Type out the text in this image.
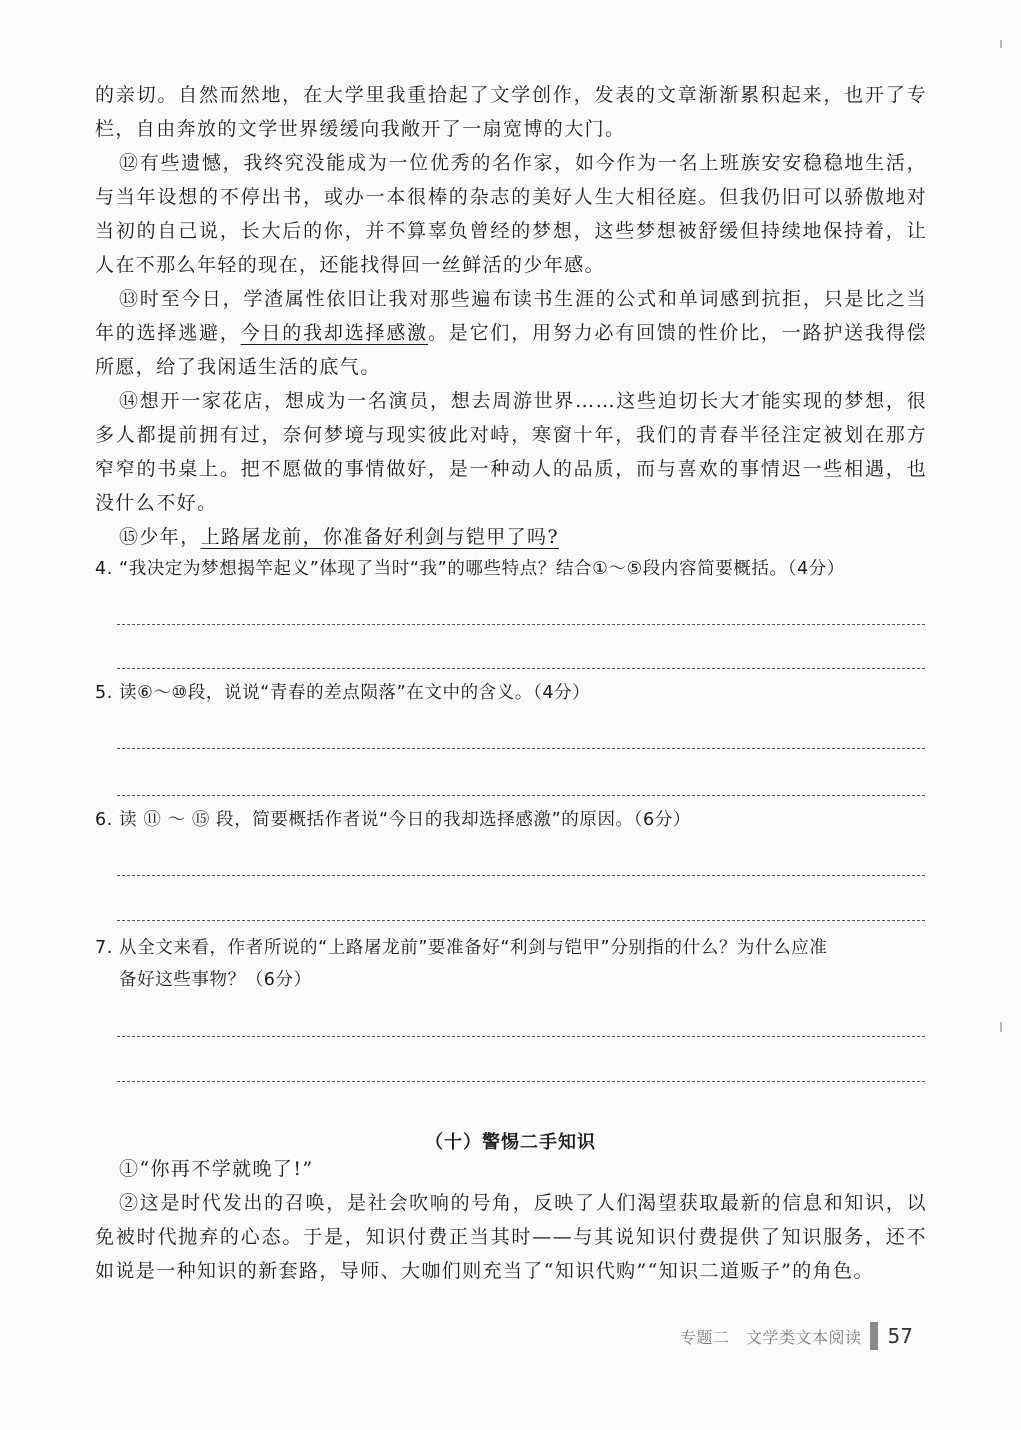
的亲切。自然而然地，在大学里我重拾起了文学创作，发表的文章渐渐累积起来，也开了专栏，自由奔放的文学世界缓缓向我敞开了一扇宽博的大门。

⑫有些遗憾，我终究没能成为一位优秀的名作家，如今作为一名上班族安安稳稳地生活，与当年设想的不停出书，或办一本很棒的杂志的美好人生大相径庭。但我仍旧可以骄傲地对当初的自己说，长大后的你，并不算辜负曾经的梦想，这些梦想被舒缓但持续地保持着，让人在不那么年轻的现在，还能找得回一丝鲜活的少年感。

⑬时至今日，学渣属性依旧让我对那些遍布读书生涯的公式和单词感到抗拒，只是比之当年的选择逃避，今日的我却选择感激。是它们，用努力必有回馈的性价比，一路护送我得偿所愿，给了我闲适生活的底气。

⑭想开一家花店，想成为一名演员，想去周游世界……这些迫切长大才能实现的梦想，很多人都提前拥有过，奈何梦境与现实彼此对峙，寒窗十年，我们的青春半径注定被划在那方窄窄的书桌上。把不愿做的事情做好，是一种动人的品质，而与喜欢的事情迟一些相遇，也没什么不好。

⑮少年，上路屠龙前，你准备好利剑与铠甲了吗?

4. “我决定为梦想揭竿起义”体现了当时“我”的哪些特点？结合①～⑤段内容简要概括。（4分）

5. 读⑥～⑩段，说说“青春的差点陨落”在文中的含义。（4分）

6. 读 ⑪ ～ ⑮ 段，简要概括作者说“今日的我却选择感激”的原因。（6分）

7. 从全文来看，作者所说的“上路屠龙前”要准备好“利剑与铠甲”分别指的什么？为什么应准

备好这些事物？（6分）

（十）警惕二手知识

①“你再不学就晚了!”

②这是时代发出的召唤，是社会吹响的号角，反映了人们渴望获取最新的信息和知识，以免被时代抛弃的心态。于是，知识付费正当其时——与其说知识付费提供了知识服务，还不如说是一种知识的新套路，导师、大咖们则充当了“知识代购”“知识二道贩子”的角色。

专题二　文学类文本阅读 57
